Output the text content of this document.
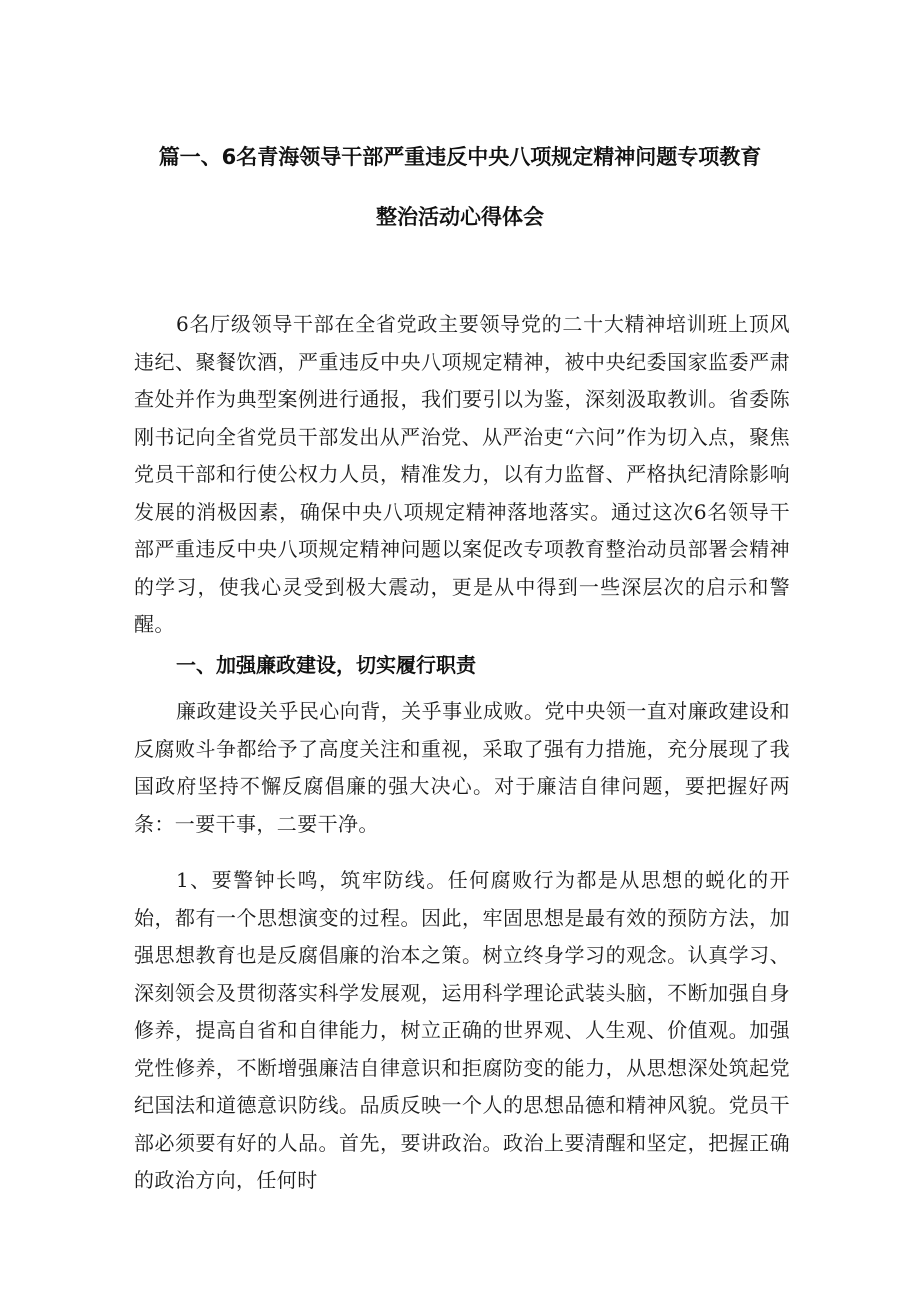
篇一、6名青海领导干部严重违反中央八项规定精神问题专项教育
整治活动心得体会

6名厅级领导干部在全省党政主要领导党的二十大精神培训班上顶风违纪、聚餐饮酒，严重违反中央八项规定精神，被中央纪委国家监委严肃查处并作为典型案例进行通报，我们要引以为鉴，深刻汲取教训。省委陈刚书记向全省党员干部发出从严治党、从严治吏“六问”作为切入点，聚焦党员干部和行使公权力人员，精准发力，以有力监督、严格执纪清除影响发展的消极因素，确保中央八项规定精神落地落实。通过这次6名领导干部严重违反中央八项规定精神问题以案促改专项教育整治动员部署会精神的学习，使我心灵受到极大震动，更是从中得到一些深层次的启示和警醒。

一、加强廉政建设，切实履行职责

廉政建设关乎民心向背，关乎事业成败。党中央领一直对廉政建设和反腐败斗争都给予了高度关注和重视，采取了强有力措施，充分展现了我国政府坚持不懈反腐倡廉的强大决心。对于廉洁自律问题，要把握好两条：一要干事，二要干净。

1、要警钟长鸣，筑牢防线。任何腐败行为都是从思想的蜕化的开始，都有一个思想演变的过程。因此，牢固思想是最有效的预防方法，加强思想教育也是反腐倡廉的治本之策。树立终身学习的观念。认真学习、深刻领会及贯彻落实科学发展观，运用科学理论武装头脑，不断加强自身修养，提高自省和自律能力，树立正确的世界观、人生观、价值观。加强党性修养，不断增强廉洁自律意识和拒腐防变的能力，从思想深处筑起党纪国法和道德意识防线。品质反映一个人的思想品德和精神风貌。党员干部必须要有好的人品。首先，要讲政治。政治上要清醒和坚定，把握正确的政治方向，任何时
